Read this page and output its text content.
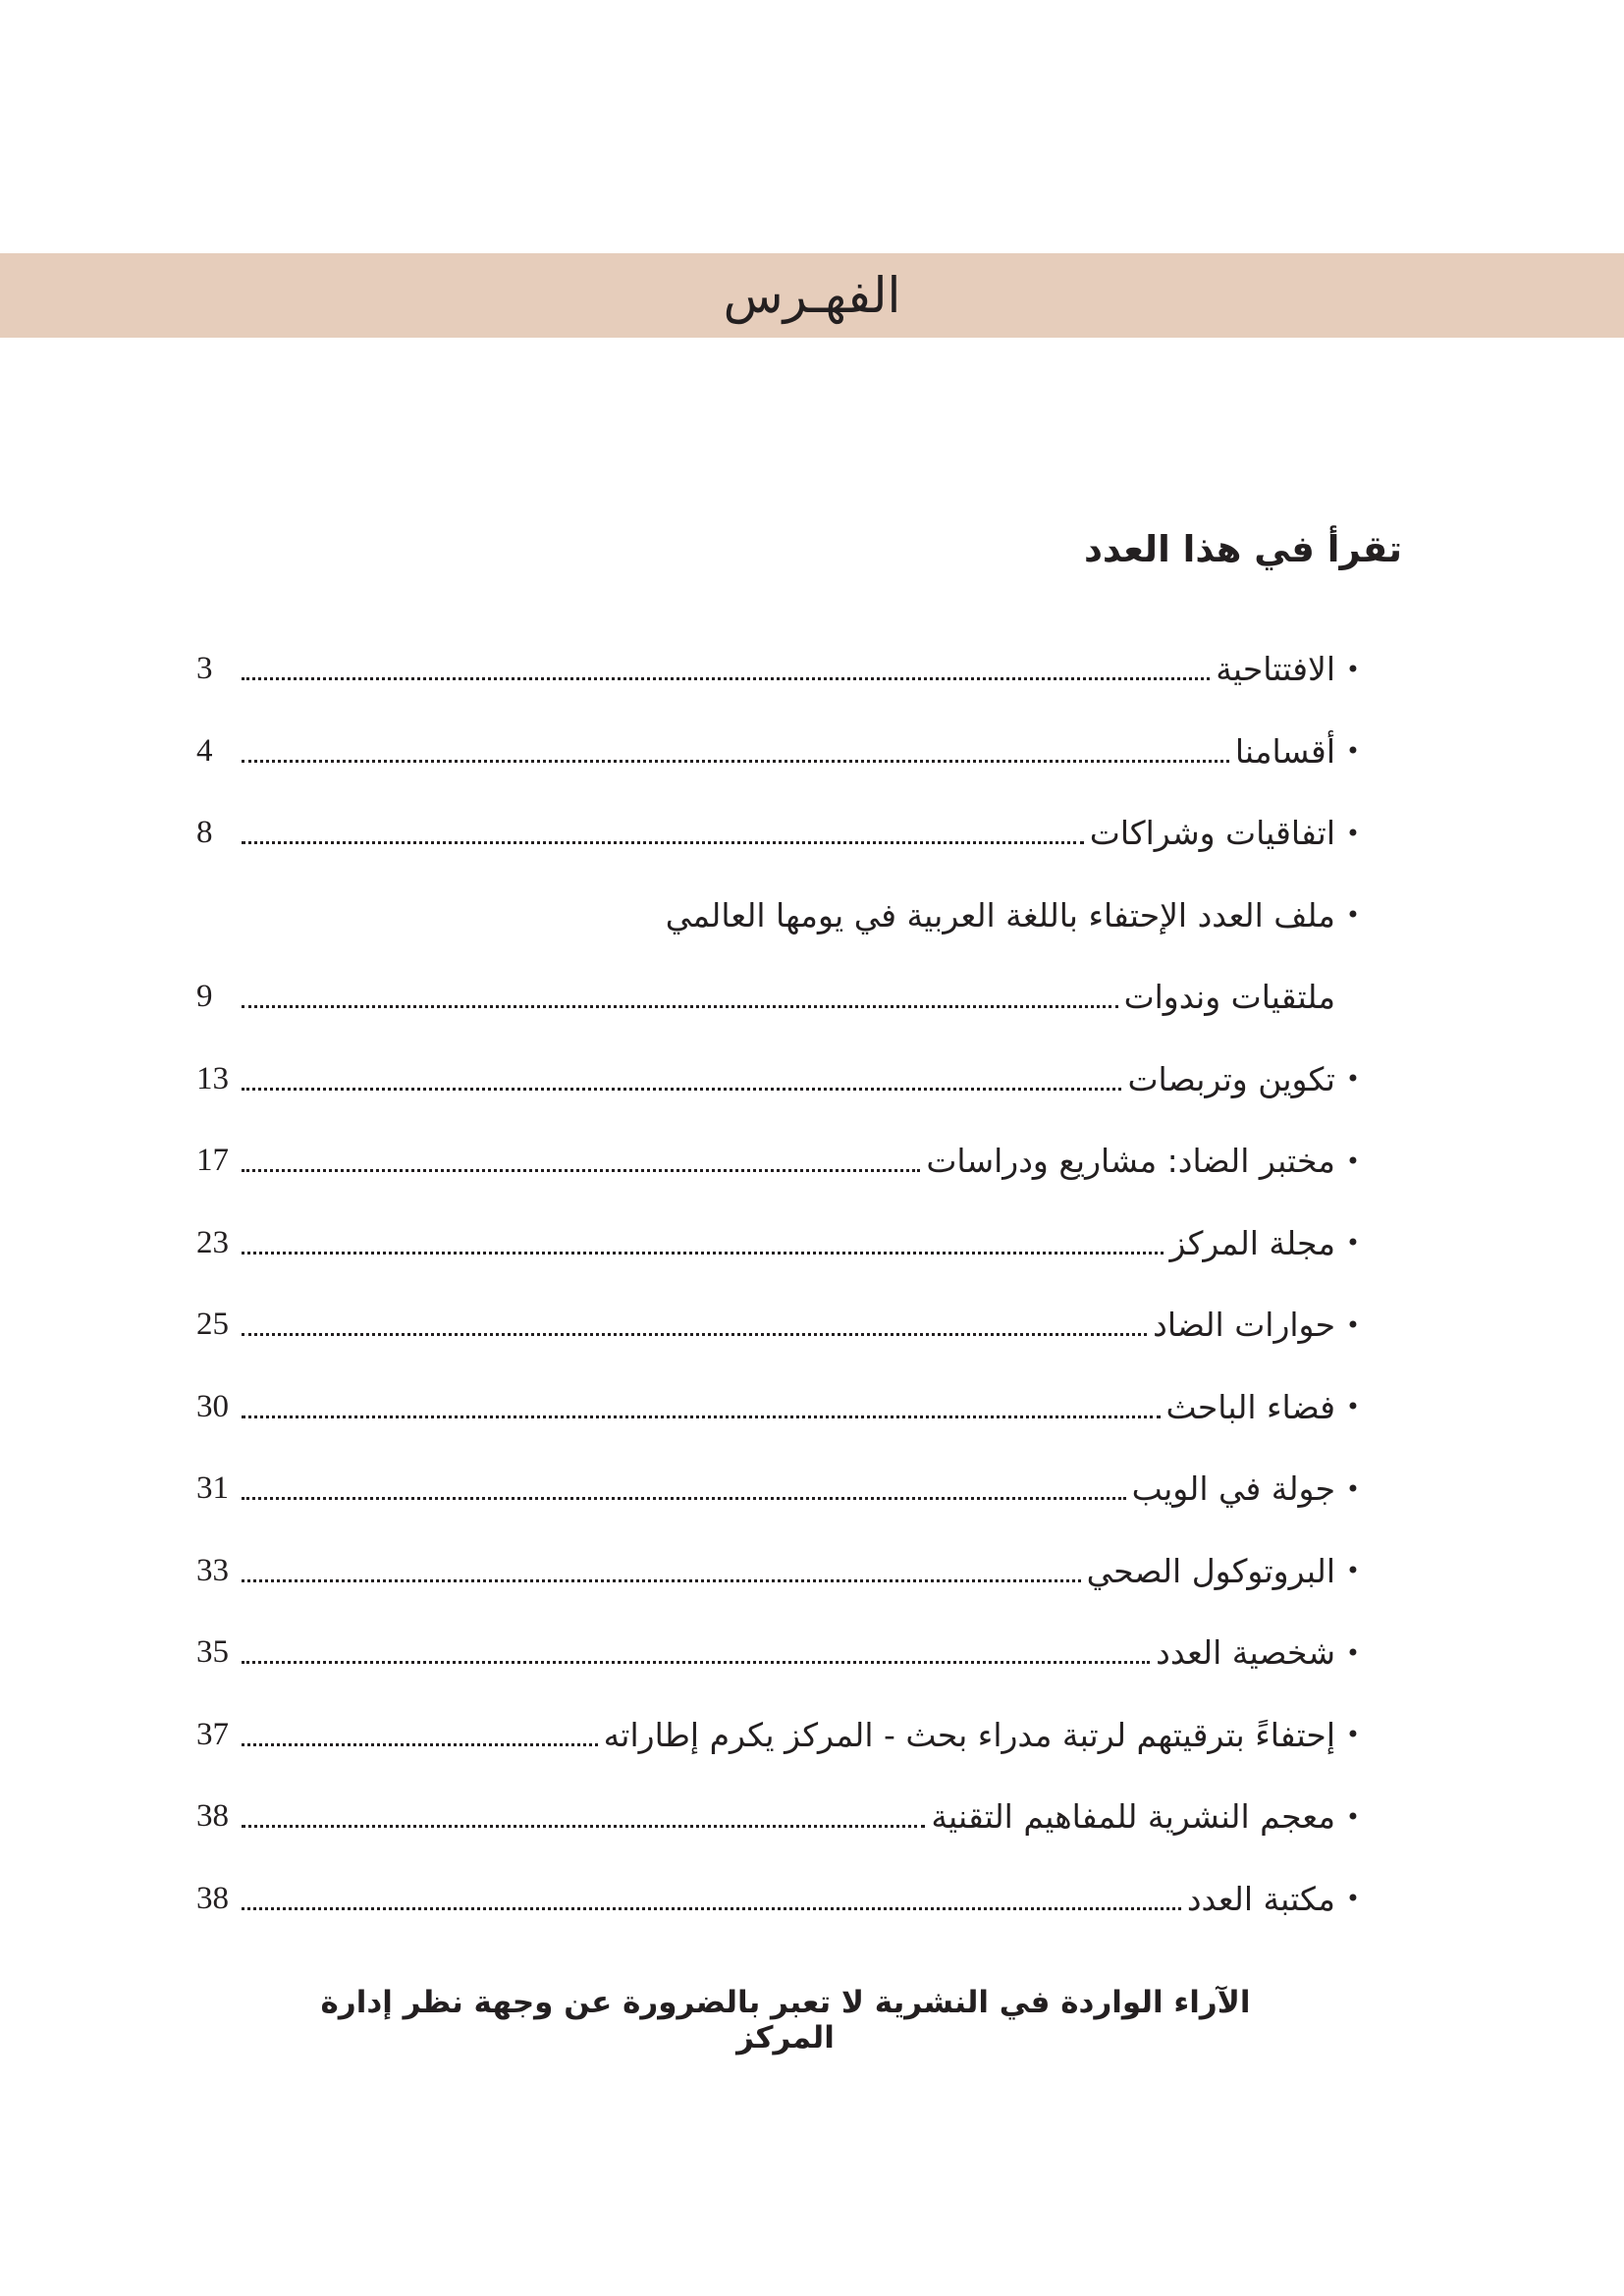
الفهـرس
تقرأ في هذا العدد
•
الافتتاحية
3
•
أقسامنا
4
•
اتفاقيات وشراكات
8
•
ملف العدد الإحتفاء باللغة العربية في يومها العالمي
ملتقيات وندوات
9
•
تكوين وتربصات
13
•
مختبر الضاد: مشاريع ودراسات
17
•
مجلة المركز
23
•
حوارات الضاد
25
•
فضاء الباحث
30
•
جولة في الويب
31
•
البروتوكول الصحي
33
•
شخصية العدد
35
•
إحتفاءً بترقيتهم لرتبة مدراء بحث - المركز يكرم إطاراته
37
•
معجم النشرية للمفاهيم التقنية
38
•
مكتبة العدد
38
الآراء الواردة في النشرية لا تعبر بالضرورة عن وجهة نظر إدارة المركز
